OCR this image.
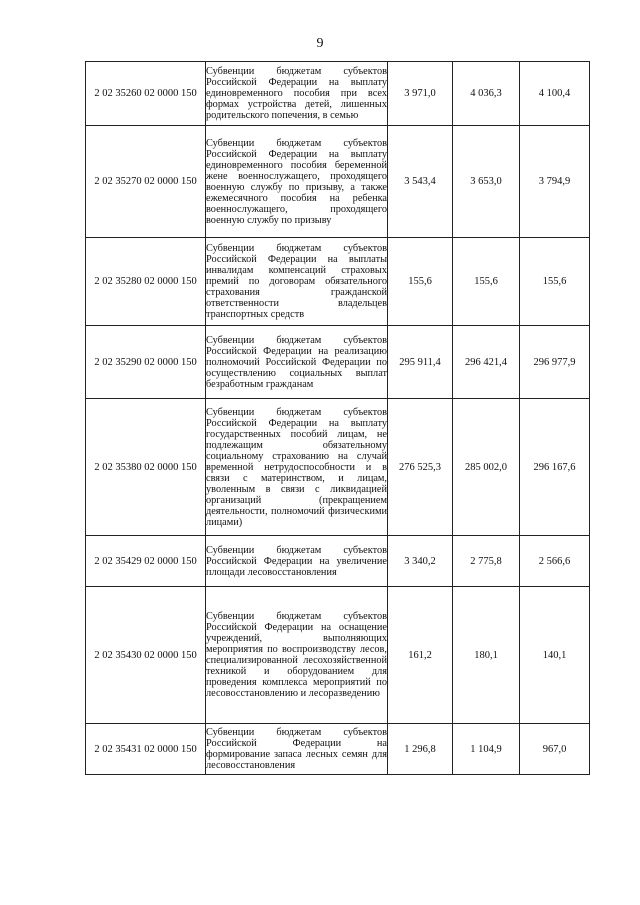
9
2 02 35260 02 0000 150	Субвенции бюджетам субъектов Российской Федерации на выплату единовременного пособия при всех формах устройства детей, лишенных родительского попечения, в семью	3 971,0	4 036,3	4 100,4
2 02 35270 02 0000 150	Субвенции бюджетам субъектов Российской Федерации на выплату единовременного пособия беременной жене военнослужащего, проходящего военную службу по призыву, а также ежемесячного пособия на ребенка военнослужащего, проходящего военную службу по призыву	3 543,4	3 653,0	3 794,9
2 02 35280 02 0000 150	Субвенции бюджетам субъектов Российской Федерации на выплаты инвалидам компенсаций страховых премий по договорам обязательного страхования гражданской ответственности владельцев транспортных средств	155,6	155,6	155,6
2 02 35290 02 0000 150	Субвенции бюджетам субъектов Российской Федерации на реализацию полномочий Российской Федерации по осуществлению социальных выплат безработным гражданам	295 911,4	296 421,4	296 977,9
2 02 35380 02 0000 150	Субвенции бюджетам субъектов Российской Федерации на выплату государственных пособий лицам, не подлежащим обязательному социальному страхованию на случай временной нетрудоспособности и в связи с материнством, и лицам, уволенным в связи с ликвидацией организаций (прекращением деятельности, полномочий физическими лицами)	276 525,3	285 002,0	296 167,6
2 02 35429 02 0000 150	Субвенции бюджетам субъектов Российской Федерации на увеличение площади лесовосстановления	3 340,2	2 775,8	2 566,6
2 02 35430 02 0000 150	Субвенции бюджетам субъектов Российской Федерации на оснащение учреждений, выполняющих мероприятия по воспроизводству лесов, специализированной лесохозяйственной техникой и оборудованием для проведения комплекса мероприятий по лесовосстановлению и лесоразведению	161,2	180,1	140,1
2 02 35431 02 0000 150	Субвенции бюджетам субъектов Российской Федерации на формирование запаса лесных семян для лесовосстановления	1 296,8	1 104,9	967,0
